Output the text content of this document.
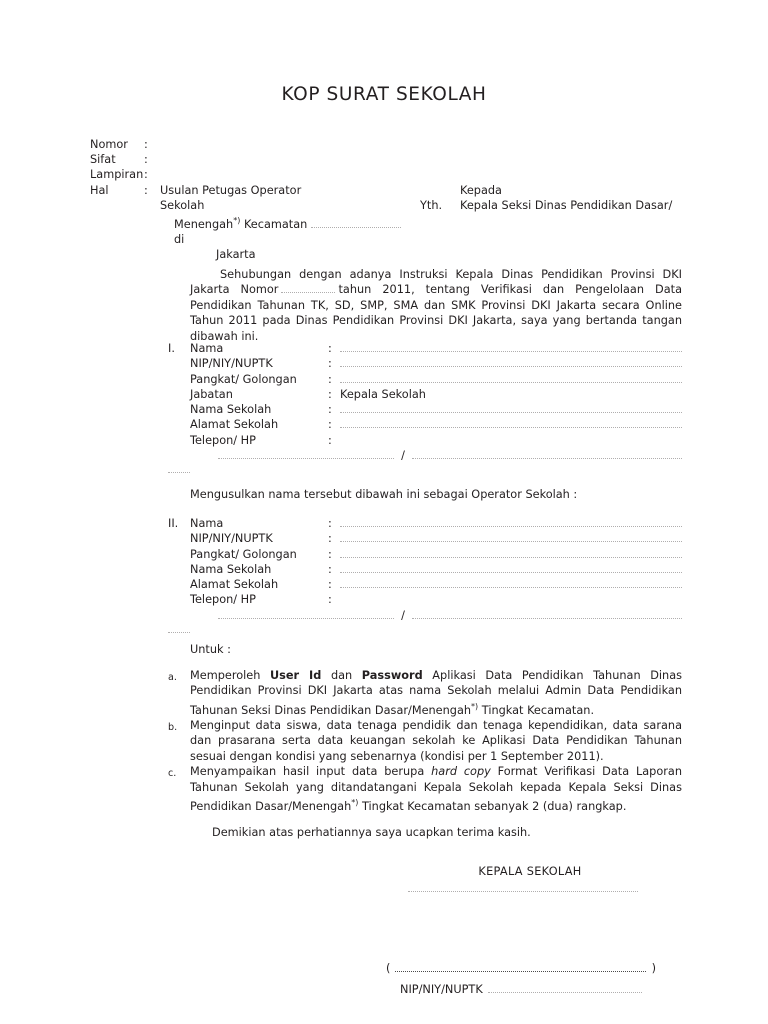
KOP SURAT SEKOLAH
Nomor	:
Sifat	:
Lampiran :
Hal	:	Usulan Petugas Operator
Sekolah
Menengah*) Kecamatan
di
Jakarta
Kepada
Yth.	Kepala Seksi Dinas Pendidikan Dasar/
Sehubungan dengan adanya Instruksi Kepala Dinas Pendidikan Provinsi DKI Jakarta Nomor	tahun 2011, tentang Verifikasi dan Pengelolaan Data Pendidikan Tahunan TK, SD, SMP, SMA dan SMK Provinsi DKI Jakarta secara Online Tahun 2011 pada Dinas Pendidikan Provinsi DKI Jakarta, saya yang bertanda tangan dibawah ini.
I.	Nama	:
NIP/NIY/NUPTK	:
Pangkat/ Golongan	:
Jabatan	: Kepala Sekolah
Nama Sekolah	:
Alamat Sekolah	:
Telepon/ HP	:
/
Mengusulkan nama tersebut dibawah ini sebagai Operator Sekolah :
II.	Nama	:
NIP/NIY/NUPTK	:
Pangkat/ Golongan	:
Nama Sekolah	:
Alamat Sekolah	:
Telepon/ HP	:
/
Untuk :
a.	Memperoleh User Id dan Password Aplikasi Data Pendidikan Tahunan Dinas Pendidikan Provinsi DKI Jakarta atas nama Sekolah melalui Admin Data Pendidikan Tahunan Seksi Dinas Pendidikan Dasar/Menengah*) Tingkat Kecamatan.
b.	Menginput data siswa, data tenaga pendidik dan tenaga kependidikan, data sarana dan prasarana serta data keuangan sekolah ke Aplikasi Data Pendidikan Tahunan sesuai dengan kondisi yang sebenarnya (kondisi per 1 September 2011).
c.	Menyampaikan hasil input data berupa hard copy Format Verifikasi Data Laporan Tahunan Sekolah yang ditandatangani Kepala Sekolah kepada Kepala Seksi Dinas Pendidikan Dasar/Menengah*) Tingkat Kecamatan sebanyak 2 (dua) rangkap.
Demikian atas perhatiannya saya ucapkan terima kasih.
KEPALA SEKOLAH
(	)
NIP/NIY/NUPTK
